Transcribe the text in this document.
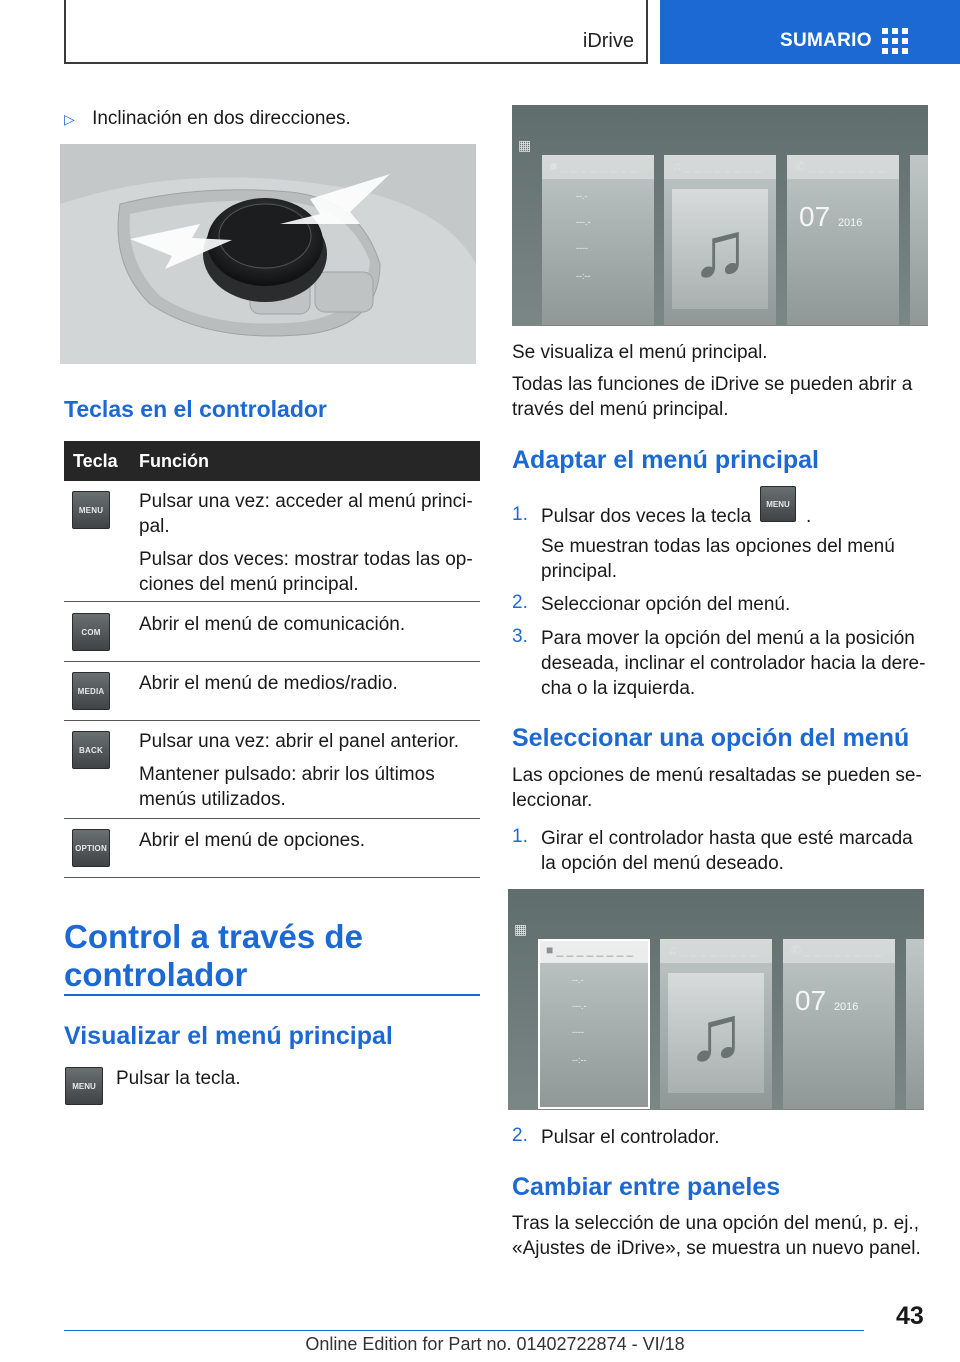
iDrive	SUMARIO
▷ Inclinación en dos direcciones.
Teclas en el controlador
Tecla Función
MENU	Pulsar una vez: acceder al menú princi-pal.

Pulsar dos veces: mostrar todas las op-ciones del menú principal.

COM	Abrir el menú de comunicación.

MEDIA Abrir el menú de medios/radio.

BACK	Pulsar una vez: abrir el panel anterior.

Mantener pulsado: abrir los últimos menús utilizados.

OPTION Abrir el menú de opciones.

Control a través de controlador
Visualizar el menú principal
MENU	Pulsar la tecla.

▦
■ _ _ _ _ _ _ _ _
--.-
---.-
----
--:--
♫ _ _ _ _ _ _ _ _
♫
✆ _ _ _ _ _ _ _ _
07 2016

Se visualiza el menú principal.

Todas las funciones de iDrive se pueden abrir a través del menú principal.

Adaptar el menú principal
1. Pulsar dos veces la tecla

MENU
.

Se muestran todas las opciones del menú principal.

2. Seleccionar opción del menú.

3. Para mover la opción del menú a la posición deseada, inclinar el controlador hacia la dere-cha o la izquierda.

Seleccionar una opción del menú

Las opciones de menú resaltadas se pueden se-leccionar.

1. Girar el controlador hasta que esté marcada la opción del menú deseado.

▦
■ _ _ _ _ _ _ _ _
--.-
---.-
----
--:--
♫ _ _ _ _ _ _ _ _
♫
✆ _ _ _ _ _ _ _ _
07 2016
2. Pulsar el controlador.

Cambiar entre paneles

Tras la selección de una opción del menú, p. ej., «Ajustes de iDrive», se muestra un nuevo panel.

43
Online Edition for Part no. 01402722874 - VI/18
